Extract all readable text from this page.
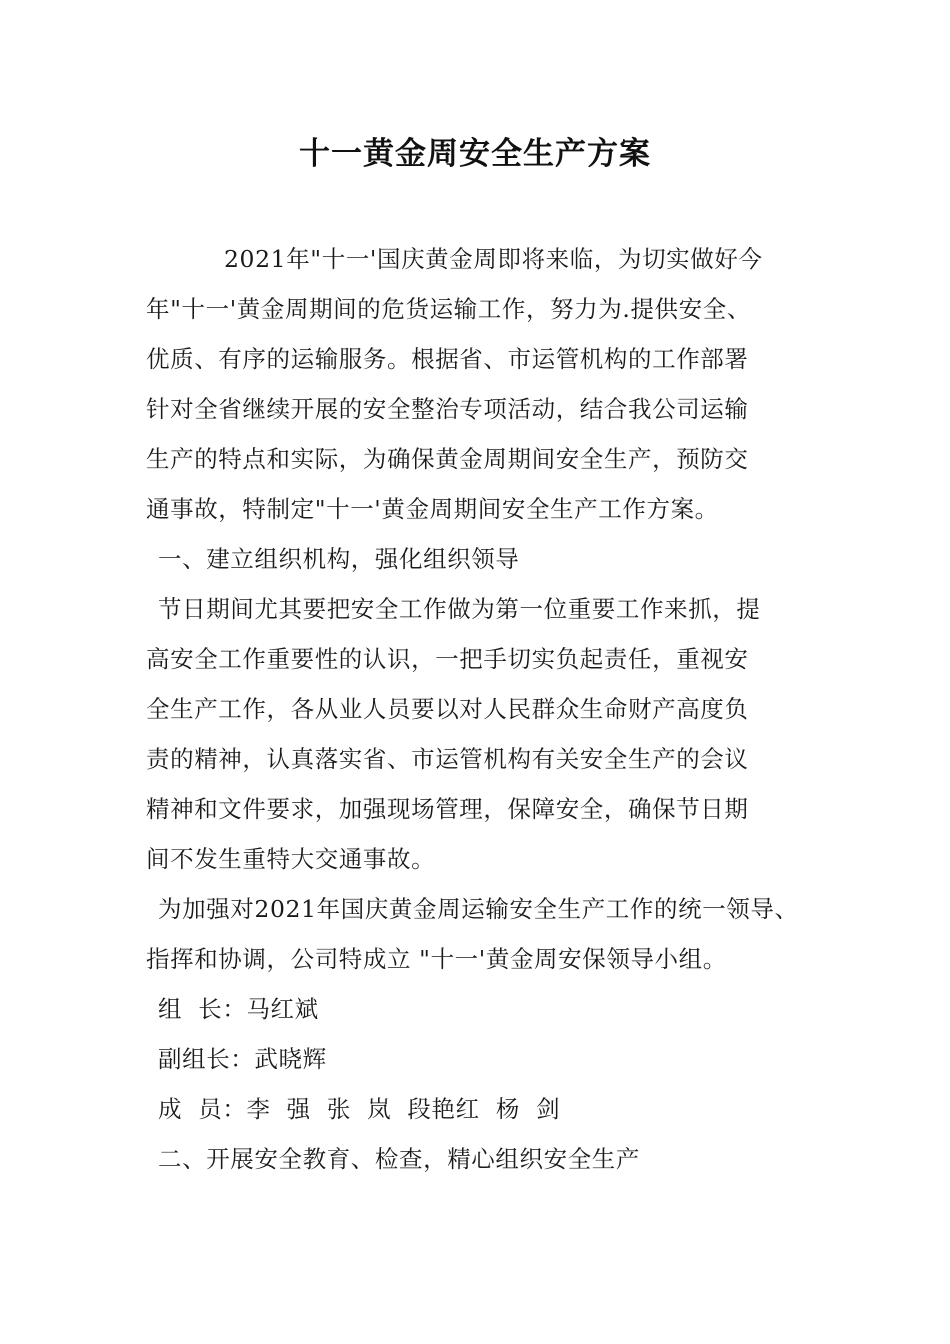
十一黄金周安全生产方案
2021年"十一'国庆黄金周即将来临，为切实做好今
年"十一'黄金周期间的危货运输工作，努力为.提供安全、
优质、有序的运输服务。根据省、市运管机构的工作部署
针对全省继续开展的安全整治专项活动，结合我公司运输
生产的特点和实际，为确保黄金周期间安全生产，预防交
通事故，特制定"十一'黄金周期间安全生产工作方案。
一、建立组织机构，强化组织领导
节日期间尤其要把安全工作做为第一位重要工作来抓，提
高安全工作重要性的认识，一把手切实负起责任，重视安
全生产工作，各从业人员要以对人民群众生命财产高度负
责的精神，认真落实省、市运管机构有关安全生产的会议
精神和文件要求，加强现场管理，保障安全，确保节日期
间不发生重特大交通事故。
为加强对2021年国庆黄金周运输安全生产工作的统一领导、
指挥和协调，公司特成立 "十一'黄金周安保领导小组。
组  长：马红斌
副组长：武晓辉
成  员：李  强  张  岚  段艳红  杨  剑
二、开展安全教育、检查，精心组织安全生产
